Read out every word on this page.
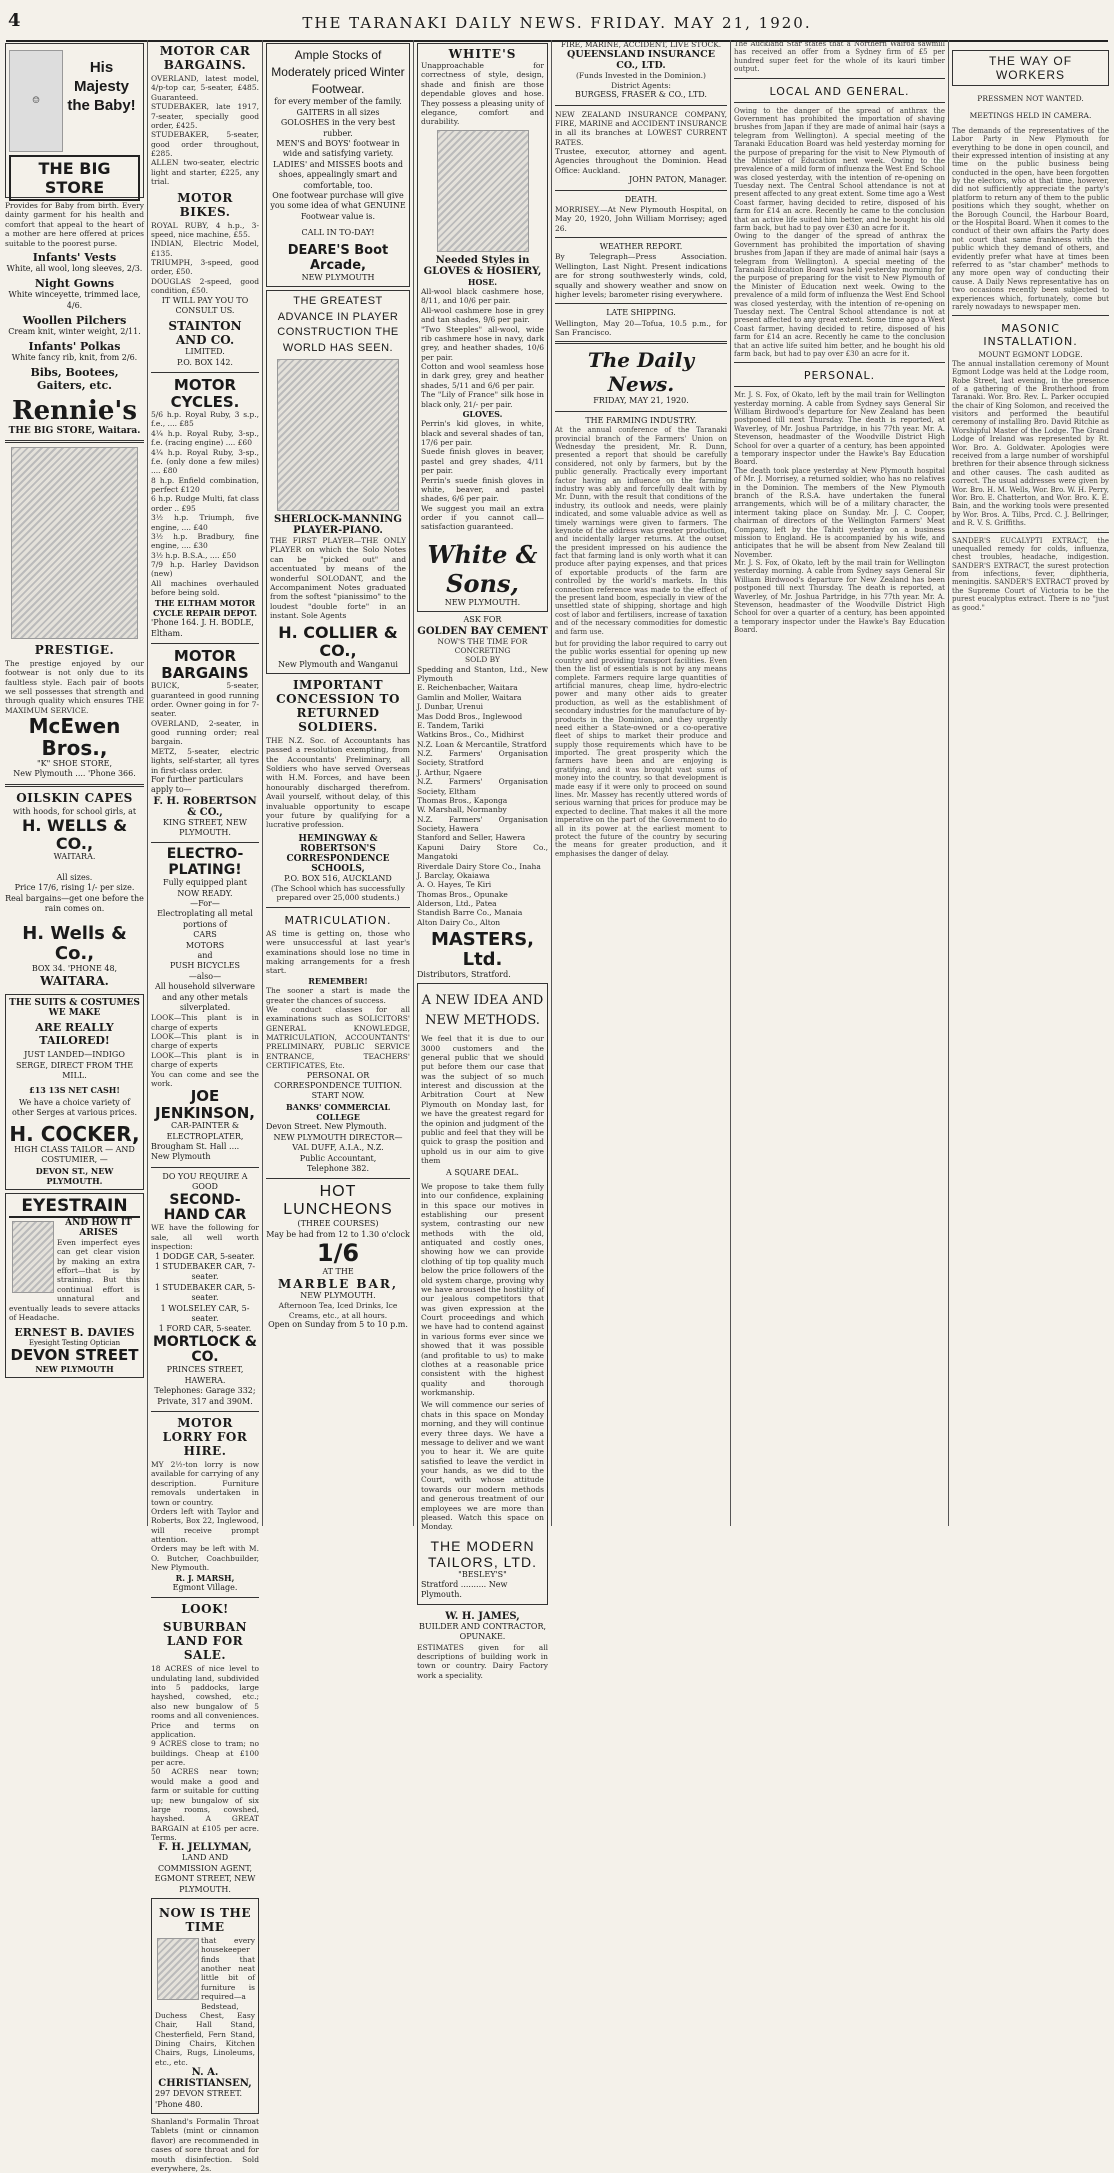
4	THE TARANAKI DAILY NEWS. FRIDAY. MAY 21, 1920.
☺
His Majesty the Baby!
THE BIG STORE
Provides for Baby from birth. Every dainty garment for his health and comfort that appeal to the heart of a mother are here offered at prices suitable to the poorest purse.
Infants' Vests
White, all wool, long sleeves, 2/3.
Night Gowns
White winceyette, trimmed lace, 4/6.
Woollen Pilchers
Cream knit, winter weight, 2/11.
Infants' Polkas
White fancy rib, knit, from 2/6.
Bibs, Bootees, Gaiters, etc.
Rennie's
THE BIG STORE, Waitara.
PRESTIGE.
The prestige enjoyed by our footwear is not only due to its faultless style. Each pair of boots we sell possesses that strength and through quality which ensures THE MAXIMUM SERVICE.
McEwen Bros.,
"K" SHOE STORE,
New Plymouth .... 'Phone 366.
OILSKIN CAPES
with hoods, for school girls, at
H. WELLS & CO.,
WAITARA.
All sizes.
Price 17/6, rising 1/- per size.
Real bargains—get one before the rain comes on.
H. Wells & Co.,
BOX 34. 'PHONE 48,
WAITARA.
THE SUITS & COSTUMES WE MAKE
ARE REALLY TAILORED!
JUST LANDED—INDIGO SERGE, DIRECT FROM THE MILL.
£13 13S NET CASH!
We have a choice variety of other Serges at various prices.
H. COCKER,
HIGH CLASS TAILOR — AND COSTUMIER, —
DEVON ST., NEW PLYMOUTH.
EYESTRAIN
AND HOW IT ARISES
Even imperfect eyes can get clear vision by making an extra effort—that is by straining. But this continual effort is unnatural and eventually leads to severe attacks of Headache.
ERNEST B. DAVIES
Eyesight Testing Optician
DEVON STREET
NEW PLYMOUTH
MOTOR CAR BARGAINS.
OVERLAND, latest model, 4/p-top car, 5-seater, £485. Guaranteed.
STUDEBAKER, late 1917, 7-seater, specially good order, £425.
STUDEBAKER, 5-seater, good order throughout, £285.
ALLEN two-seater, electric light and starter, £225, any trial.
MOTOR BIKES.
ROYAL RUBY, 4 h.p., 3-speed, nice machine, £55.
INDIAN, Electric Model, £135.
TRIUMPH, 3-speed, good order, £50.
DOUGLAS 2-speed, good condition, £50.
IT WILL PAY YOU TO CONSULT US.
STAINTON AND CO.
LIMITED.
P.O. BOX 142.
MOTOR CYCLES.
5/6 h.p. Royal Ruby, 3 s.p., f.e., .... £85
4¼ h.p. Royal Ruby, 3-sp., f.e. (racing engine) .... £60
4¼ h.p. Royal Ruby, 3-sp., f.e. (only done a few miles) .... £80
8 h.p. Enfield combination, perfect £120
6 h.p. Rudge Multi, fat class order .. £95
3½ h.p. Triumph, five engine, .... £40
3½ h.p. Bradbury, fine engine, .... £30
3½ h.p. B.S.A., .... £50
7/9 h.p. Harley Davidson (new)
All machines overhauled before being sold.
THE ELTHAM MOTOR CYCLE REPAIR DEPOT.
'Phone 164. J. H. BODLE, Eltham.
MOTOR BARGAINS
BUICK, 5-seater, guaranteed in good running order. Owner going in for 7-seater.
OVERLAND, 2-seater, in good running order; real bargain.
METZ, 5-seater, electric lights, self-starter, all tyres in first-class order.
For further particulars apply to—
F. H. ROBERTSON & CO.,
KING STREET, NEW PLYMOUTH.
ELECTRO-PLATING!
Fully equipped plant
NOW READY.
—For—
Electroplating all metal portions of
CARS
MOTORS
and
PUSH BICYCLES
—also—
All household silverware and any other metals silverplated.
LOOK—This plant is in charge of experts
LOOK—This plant is in charge of experts
LOOK—This plant is in charge of experts
You can come and see the work.
JOE JENKINSON,
CAR-PAINTER & ELECTROPLATER,
Brougham St. Hall .... New Plymouth
DO YOU REQUIRE A GOOD
SECOND-HAND CAR
WE have the following for sale, all well worth inspection:
1 DODGE CAR, 5-seater.
1 STUDEBAKER CAR, 7-seater.
1 STUDEBAKER CAR, 5-seater.
1 WOLSELEY CAR, 5-seater.
1 FORD CAR, 5-seater.
MORTLOCK & CO.
PRINCES STREET, HAWERA.
Telephones: Garage 332; Private, 317 and 390M.
MOTOR LORRY FOR HIRE.
MY 2½-ton lorry is now available for carrying of any description. Furniture removals undertaken in town or country.
Orders left with Taylor and Roberts, Box 22, Inglewood, will receive prompt attention.
Orders may be left with M. O. Butcher, Coachbuilder, New Plymouth.
R. J. MARSH,
Egmont Village.
LOOK!
SUBURBAN LAND FOR SALE.
18 ACRES of nice level to undulating land, subdivided into 5 paddocks, large hayshed, cowshed, etc.; also new bungalow of 5 rooms and all conveniences. Price and terms on application.
9 ACRES close to tram; no buildings. Cheap at £100 per acre.
50 ACRES near town; would make a good and farm or suitable for cutting up; new bungalow of six large rooms, cowshed, hayshed. A GREAT BARGAIN at £105 per acre. Terms.
F. H. JELLYMAN,
LAND AND COMMISSION AGENT,
EGMONT STREET, NEW PLYMOUTH.
NOW IS THE TIME
that every housekeeper finds that another neat little bit of furniture is required—a Bedstead, Duchess Chest, Easy Chair, Hall Stand, Chesterfield, Fern Stand, Dining Chairs, Kitchen Chairs, Rugs, Linoleums, etc., etc.
N. A. CHRISTIANSEN,
297 DEVON STREET. 'Phone 480.
Shanland's Formalin Throat Tablets (mint or cinnamon flavor) are recommended in cases of sore throat and for mouth disinfection. Sold everywhere, 2s.
Ample Stocks of Moderately priced Winter Footwear.
for every member of the family.
GAITERS in all sizes
GOLOSHES in the very best rubber.
MEN'S and BOYS' footwear in wide and satisfying variety.
LADIES' and MISSES boots and shoes, appealingly smart and comfortable, too.
One footwear purchase will give you some idea of what GENUINE Footwear value is.
CALL IN TO-DAY!
DEARE'S Boot Arcade,
NEW PLYMOUTH
THE GREATEST ADVANCE IN PLAYER CONSTRUCTION THE WORLD HAS SEEN.
SHERLOCK-MANNING PLAYER-PIANO.
THE FIRST PLAYER—THE ONLY PLAYER on which the Solo Notes can be "picked out" and accentuated by means of the wonderful SOLODANT, and the Accompaniment Notes graduated from the softest "pianissimo" to the loudest "double forte" in an instant. Sole Agents
H. COLLIER & CO.,
New Plymouth and Wanganui
IMPORTANT CONCESSION TO RETURNED SOLDIERS.
THE N.Z. Soc. of Accountants has passed a resolution exempting, from the Accountants' Preliminary, all Soldiers who have served Overseas with H.M. Forces, and have been honourably discharged therefrom. Avail yourself, without delay, of this invaluable opportunity to escape your future by qualifying for a lucrative profession.
HEMINGWAY & ROBERTSON'S CORRESPONDENCE SCHOOLS,
P.O. BOX 516, AUCKLAND
(The School which has successfully prepared over 25,000 students.)
MATRICULATION.
AS time is getting on, those who were unsuccessful at last year's examinations should lose no time in making arrangements for a fresh start.
REMEMBER!
The sooner a start is made the greater the chances of success.
We conduct classes for all examinations such as SOLICITORS' GENERAL KNOWLEDGE, MATRICULATION, ACCOUNTANTS' PRELIMINARY, PUBLIC SERVICE ENTRANCE, TEACHERS' CERTIFICATES, Etc.
PERSONAL OR CORRESPONDENCE TUITION.
START NOW.
BANKS' COMMERCIAL COLLEGE
Devon Street. New Plymouth.
NEW PLYMOUTH DIRECTOR—
VAL DUFF, A.I.A., N.Z.
Public Accountant,
Telephone 382.
HOT LUNCHEONS
(THREE COURSES)
May be had from 12 to 1.30 o'clock
1/6
AT THE
MARBLE BAR,
NEW PLYMOUTH.
Afternoon Tea, Iced Drinks, Ice Creams, etc., at all hours.
Open on Sunday from 5 to 10 p.m.
WHITE'S
Unapproachable for correctness of style, design, shade and finish are those dependable gloves and hose. They possess a pleasing unity of elegance, comfort and durability.
Needed Styles in GLOVES & HOSIERY,
HOSE.
All-wool black cashmere hose, 8/11, and 10/6 per pair.
All-wool cashmere hose in grey and tan shades, 9/6 per pair.
"Two Steeples" all-wool, wide rib cashmere hose in navy, dark grey, and heather shades, 10/6 per pair.
Cotton and wool seamless hose in dark grey, grey and heather shades, 5/11 and 6/6 per pair.
The "Lily of France" silk hose in black only, 21/- per pair.
GLOVES.
Perrin's kid gloves, in white, black and several shades of tan, 17/6 per pair.
Suede finish gloves in beaver, pastel and grey shades, 4/11 per pair.
Perrin's suede finish gloves in white, beaver, and pastel shades, 6/6 per pair.
We suggest you mail an extra order if you cannot call—satisfaction guaranteed.
White & Sons,
NEW PLYMOUTH.
ASK FOR
GOLDEN BAY CEMENT
NOW'S THE TIME FOR CONCRETING
SOLD BY
Spedding and Stanton, Ltd., New Plymouth
E. Reichenbacher, Waitara
Gamlin and Moller, Waitara
J. Dunbar, Urenui
Mas Dodd Bros., Inglewood
E. Tandem, Tariki
Watkins Bros., Co., Midhirst
N.Z. Loan & Mercantile, Stratford
N.Z. Farmers' Organisation Society, Stratford
J. Arthur, Ngaere
N.Z. Farmers' Organisation Society, Eltham
Thomas Bros., Kaponga
W. Marshall, Normanby
N.Z. Farmers' Organisation Society, Hawera
Stanford and Seller, Hawera
Kapuni Dairy Store Co., Mangatoki
Riverdale Dairy Store Co., Inaha
J. Barclay, Okaiawa
A. O. Hayes, Te Kiri
Thomas Bros., Opunake
Alderson, Ltd., Patea
Standish Barre Co., Manaia
Alton Dairy Co., Alton
MASTERS, Ltd.
Distributors, Stratford.
A NEW IDEA AND NEW METHODS.
We feel that it is due to our 3000 customers and the general public that we should put before them our case that was the subject of so much interest and discussion at the Arbitration Court at New Plymouth on Monday last, for we have the greatest regard for the opinion and judgment of the public and feel that they will be quick to grasp the position and uphold us in our aim to give them
A SQUARE DEAL.
We propose to take them fully into our confidence, explaining in this space our motives in establishing our present system, contrasting our new methods with the old, antiquated and costly ones, showing how we can provide clothing of tip top quality much below the price followers of the old system charge, proving why we have aroused the hostility of our jealous competitors that was given expression at the Court proceedings and which we have had to contend against in various forms ever since we showed that it was possible (and profitable to us) to make clothes at a reasonable price consistent with the highest quality and thorough workmanship.
We will commence our series of chats in this space on Monday morning, and they will continue every three days. We have a message to deliver and we want you to hear it. We are quite satisfied to leave the verdict in your hands, as we did to the Court, with whose attitude towards our modern methods and generous treatment of our employees we are more than pleased. Watch this space on Monday.
THE MODERN TAILORS, LTD.
"BESLEY'S"
Stratford .......... New Plymouth.
W. H. JAMES,
BUILDER AND CONTRACTOR,
OPUNAKE.
ESTIMATES given for all descriptions of building work in town or country. Dairy Factory work a speciality.
FIRE, MARINE, ACCIDENT, LIVE STOCK.
QUEENSLAND INSURANCE CO., LTD.
(Funds Invested in the Dominion.)
District Agents:
BURGESS, FRASER & CO., LTD.
NEW ZEALAND INSURANCE COMPANY, FIRE, MARINE and ACCIDENT INSURANCE in all its branches at LOWEST CURRENT RATES.
Trustee, executor, attorney and agent. Agencies throughout the Dominion. Head Office: Auckland.
JOHN PATON, Manager.
DEATH.
MORRISEY.—At New Plymouth Hospital, on May 20, 1920, John William Morrisey; aged 26.
WEATHER REPORT.
By Telegraph—Press Association. Wellington, Last Night. Present indications are for strong southwesterly winds, cold, squally and showery weather and snow on higher levels; barometer rising everywhere.
LATE SHIPPING.
Wellington, May 20—Tofua, 10.5 p.m., for San Francisco.
The Daily News.
FRIDAY, MAY 21, 1920.
THE FARMING INDUSTRY.
At the annual conference of the Taranaki provincial branch of the Farmers' Union on Wednesday the president, Mr. R. Dunn, presented a report that should be carefully considered, not only by farmers, but by the public generally. Practically every important factor having an influence on the farming industry was ably and forcefully dealt with by Mr. Dunn, with the result that conditions of the industry, its outlook and needs, were plainly indicated, and some valuable advice as well as timely warnings were given to farmers. The keynote of the address was greater production, and incidentally larger returns. At the outset the president impressed on his audience the fact that farming land is only worth what it can produce after paying expenses, and that prices of exportable products of the farm are controlled by the world's markets. In this connection reference was made to the effect of the present land boom, especially in view of the unsettled state of shipping, shortage and high cost of labor and fertilisers, increase of taxation and of the necessary commodities for domestic and farm use.
but for providing the labor required to carry out the public works essential for opening up new country and providing transport facilities. Even then the list of essentials is not by any means complete. Farmers require large quantities of artificial manures, cheap lime, hydro-electric power and many other aids to greater production, as well as the establishment of secondary industries for the manufacture of by-products in the Dominion, and they urgently need either a State-owned or a co-operative fleet of ships to market their produce and supply those requirements which have to be imported. The great prosperity which the farmers have been and are enjoying is gratifying, and it was brought vast sums of money into the country, so that development is made easy if it were only to proceed on sound lines. Mr. Massey has recently uttered words of serious warning that prices for produce may be expected to decline. That makes it all the more imperative on the part of the Government to do all in its power at the earliest moment to protect the future of the country by securing the means for greater production, and it emphasises the danger of delay.
The Auckland Star states that a Northern Wairoa sawmill has received an offer from a Sydney firm of £5 per hundred super feet for the whole of its kauri timber output.
LOCAL AND GENERAL.
Owing to the danger of the spread of anthrax the Government has prohibited the importation of shaving brushes from Japan if they are made of animal hair (says a telegram from Wellington). A special meeting of the Taranaki Education Board was held yesterday morning for the purpose of preparing for the visit to New Plymouth of the Minister of Education next week. Owing to the prevalence of a mild form of influenza the West End School was closed yesterday, with the intention of re-opening on Tuesday next. The Central School attendance is not at present affected to any great extent. Some time ago a West Coast farmer, having decided to retire, disposed of his farm for £14 an acre. Recently he came to the conclusion that an active life suited him better, and he bought his old farm back, but had to pay over £30 an acre for it.
Owing to the danger of the spread of anthrax the Government has prohibited the importation of shaving brushes from Japan if they are made of animal hair (says a telegram from Wellington). A special meeting of the Taranaki Education Board was held yesterday morning for the purpose of preparing for the visit to New Plymouth of the Minister of Education next week. Owing to the prevalence of a mild form of influenza the West End School was closed yesterday, with the intention of re-opening on Tuesday next. The Central School attendance is not at present affected to any great extent. Some time ago a West Coast farmer, having decided to retire, disposed of his farm for £14 an acre. Recently he came to the conclusion that an active life suited him better, and he bought his old farm back, but had to pay over £30 an acre for it.
PERSONAL.
Mr. J. S. Fox, of Okato, left by the mail train for Wellington yesterday morning. A cable from Sydney says General Sir William Birdwood's departure for New Zealand has been postponed till next Thursday. The death is reported, at Waverley, of Mr. Joshua Partridge, in his 77th year. Mr. A. Stevenson, headmaster of the Woodville District High School for over a quarter of a century, has been appointed a temporary inspector under the Hawke's Bay Education Board.
The death took place yesterday at New Plymouth hospital of Mr. J. Morrisey, a returned soldier, who has no relatives in the Dominion. The members of the New Plymouth branch of the R.S.A. have undertaken the funeral arrangements, which will be of a military character, the interment taking place on Sunday. Mr. J. C. Cooper, chairman of directors of the Wellington Farmers' Meat Company, left by the Tahiti yesterday on a business mission to England. He is accompanied by his wife, and anticipates that he will be absent from New Zealand till November.
Mr. J. S. Fox, of Okato, left by the mail train for Wellington yesterday morning. A cable from Sydney says General Sir William Birdwood's departure for New Zealand has been postponed till next Thursday. The death is reported, at Waverley, of Mr. Joshua Partridge, in his 77th year. Mr. A. Stevenson, headmaster of the Woodville District High School for over a quarter of a century, has been appointed a temporary inspector under the Hawke's Bay Education Board.
THE WAY OF WORKERS
PRESSMEN NOT WANTED.
MEETINGS HELD IN CAMERA.
The demands of the representatives of the Labor Party in New Plymouth for everything to be done in open council, and their expressed intention of insisting at any time on the public business being conducted in the open, have been forgotten by the electors, who at that time, however, did not sufficiently appreciate the party's platform to return any of them to the public positions which they sought, whether on the Borough Council, the Harbour Board, or the Hospital Board. When it comes to the conduct of their own affairs the Party does not court that same frankness with the public which they demand of others, and evidently prefer what have at times been referred to as "star chamber" methods to any more open way of conducting their cause. A Daily News representative has on two occasions recently been subjected to experiences which, fortunately, come but rarely nowadays to newspaper men.
MASONIC INSTALLATION.
MOUNT EGMONT LODGE.
The annual installation ceremony of Mount Egmont Lodge was held at the Lodge room, Robe Street, last evening, in the presence of a gathering of the Brotherhood from Taranaki. Wor. Bro. Rev. L. Parker occupied the chair of King Solomon, and received the visitors and performed the beautiful ceremony of installing Bro. David Ritchie as Worshipful Master of the Lodge. The Grand Lodge of Ireland was represented by Rt. Wor. Bro. A. Goldwater. Apologies were received from a large number of worshipful brethren for their absence through sickness and other causes. The cash audited as correct. The usual addresses were given by Wor. Bro. H. M. Wells, Wor. Bro. W. H. Perry, Wor. Bro. E. Chatterton, and Wor. Bro. K. E. Bain, and the working tools were presented by Wor. Bros. A. Tilbs, Prcd. C. J. Bellringer, and R. V. S. Griffiths.
SANDER'S EUCALYPTI EXTRACT, the unequalled remedy for colds, influenza, chest troubles, headache, indigestion. SANDER'S EXTRACT, the surest protection from infections, fever, diphtheria, meningitis. SANDER'S EXTRACT proved by the Supreme Court of Victoria to be the purest eucalyptus extract. There is no "just as good."
